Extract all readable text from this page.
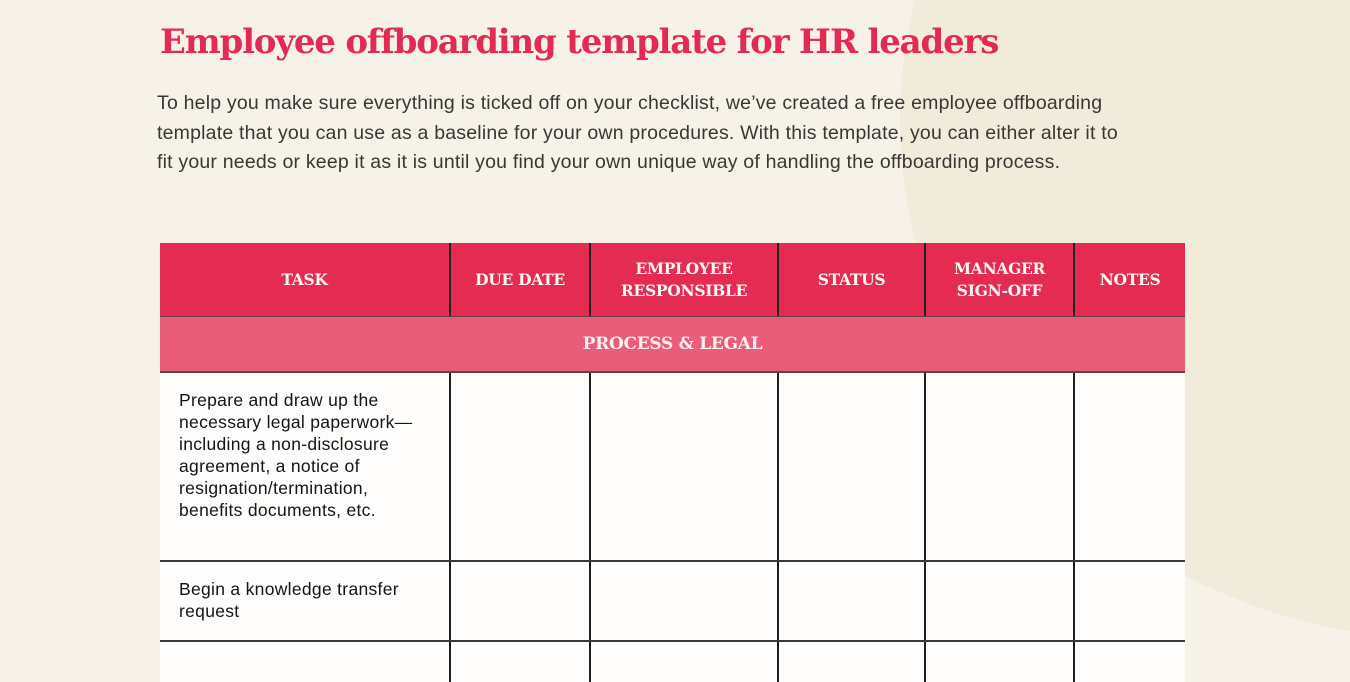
Employee offboarding template for HR leaders

To help you make sure everything is ticked off on your checklist, we’ve created a free employee offboarding template that you can use as a baseline for your own procedures. With this template, you can either alter it to fit your needs or keep it as it is until you find your own unique way of handling the offboarding process.

TASK	DUE DATE
EMPLOYEE RESPONSIBLE
STATUS
MANAGER SIGN-OFF
NOTES
PROCESS & LEGAL
Prepare and draw up the necessary legal paperwork—including a non-disclosure agreement, a notice of resignation/termination, benefits documents, etc.
Begin a knowledge transfer request
